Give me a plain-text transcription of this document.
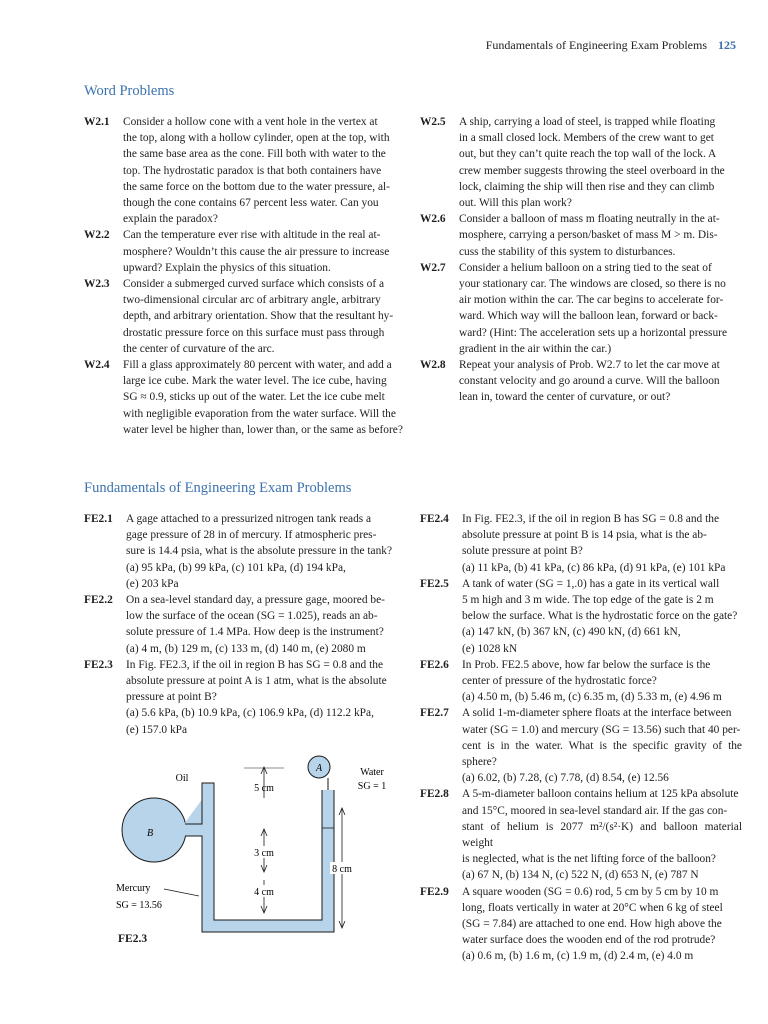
Fundamentals of Engineering Exam Problems 125
Word Problems
W2.1	Consider a hollow cone with a vent hole in the vertex at
the top, along with a hollow cylinder, open at the top, with
the same base area as the cone. Fill both with water to the
top. The hydrostatic paradox is that both containers have
the same force on the bottom due to the water pressure, al-
though the cone contains 67 percent less water. Can you
explain the paradox?
W2.2	Can the temperature ever rise with altitude in the real at-
mosphere? Wouldn’t this cause the air pressure to increase
upward? Explain the physics of this situation.
W2.3	Consider a submerged curved surface which consists of a
two-dimensional circular arc of arbitrary angle, arbitrary
depth, and arbitrary orientation. Show that the resultant hy-
drostatic pressure force on this surface must pass through
the center of curvature of the arc.
W2.4	Fill a glass approximately 80 percent with water, and add a
large ice cube. Mark the water level. The ice cube, having
SG ≈ 0.9, sticks up out of the water. Let the ice cube melt
with negligible evaporation from the water surface. Will the
water level be higher than, lower than, or the same as before?
W2.5	A ship, carrying a load of steel, is trapped while floating
in a small closed lock. Members of the crew want to get
out, but they can’t quite reach the top wall of the lock. A
crew member suggests throwing the steel overboard in the
lock, claiming the ship will then rise and they can climb
out. Will this plan work?
W2.6	Consider a balloon of mass m floating neutrally in the at-
mosphere, carrying a person/basket of mass M > m. Dis-
cuss the stability of this system to disturbances.
W2.7	Consider a helium balloon on a string tied to the seat of
your stationary car. The windows are closed, so there is no
air motion within the car. The car begins to accelerate for-
ward. Which way will the balloon lean, forward or back-
ward? (Hint: The acceleration sets up a horizontal pressure
gradient in the air within the car.)
W2.8	Repeat your analysis of Prob. W2.7 to let the car move at
constant velocity and go around a curve. Will the balloon
lean in, toward the center of curvature, or out?
Fundamentals of Engineering Exam Problems
FE2.1	A gage attached to a pressurized nitrogen tank reads a
gage pressure of 28 in of mercury. If atmospheric pres-
sure is 14.4 psia, what is the absolute pressure in the tank?
(a) 95 kPa, (b) 99 kPa, (c) 101 kPa, (d) 194 kPa,
(e) 203 kPa
FE2.2	On a sea-level standard day, a pressure gage, moored be-
low the surface of the ocean (SG = 1.025), reads an ab-
solute pressure of 1.4 MPa. How deep is the instrument?
(a) 4 m, (b) 129 m, (c) 133 m, (d) 140 m, (e) 2080 m
FE2.3	In Fig. FE2.3, if the oil in region B has SG = 0.8 and the
absolute pressure at point A is 1 atm, what is the absolute
pressure at point B?
(a) 5.6 kPa, (b) 10.9 kPa, (c) 106.9 kPa, (d) 112.2 kPa,
(e) 157.0 kPa
FE2.4	In Fig. FE2.3, if the oil in region B has SG = 0.8 and the
absolute pressure at point B is 14 psia, what is the ab-
solute pressure at point B?
(a) 11 kPa, (b) 41 kPa, (c) 86 kPa, (d) 91 kPa, (e) 101 kPa
FE2.5	A tank of water (SG = 1,.0) has a gate in its vertical wall
5 m high and 3 m wide. The top edge of the gate is 2 m
below the surface. What is the hydrostatic force on the gate?
(a) 147 kN, (b) 367 kN, (c) 490 kN, (d) 661 kN,
(e) 1028 kN
FE2.6	In Prob. FE2.5 above, how far below the surface is the
center of pressure of the hydrostatic force?
(a) 4.50 m, (b) 5.46 m, (c) 6.35 m, (d) 5.33 m, (e) 4.96 m
FE2.7	A solid 1-m-diameter sphere floats at the interface between
water (SG = 1.0) and mercury (SG = 13.56) such that 40 per-
cent is in the water. What is the specific gravity of the sphere?
(a) 6.02, (b) 7.28, (c) 7.78, (d) 8.54, (e) 12.56
FE2.8	A 5-m-diameter balloon contains helium at 125 kPa absolute
and 15°C, moored in sea-level standard air. If the gas con-
stant of helium is 2077 m²/(s²·K) and balloon material weight
is neglected, what is the net lifting force of the balloon?
(a) 67 N, (b) 134 N, (c) 522 N, (d) 653 N, (e) 787 N
FE2.9	A square wooden (SG = 0.6) rod, 5 cm by 5 cm by 10 m
long, floats vertically in water at 20°C when 6 kg of steel
(SG = 7.84) are attached to one end. How high above the
water surface does the wooden end of the rod protrude?
(a) 0.6 m, (b) 1.6 m, (c) 1.9 m, (d) 2.4 m, (e) 4.0 m
A
Oil
B
Water
SG = 1
Mercury
SG = 13.56
5 cm
3 cm
4 cm
8 cm
FE2.3
